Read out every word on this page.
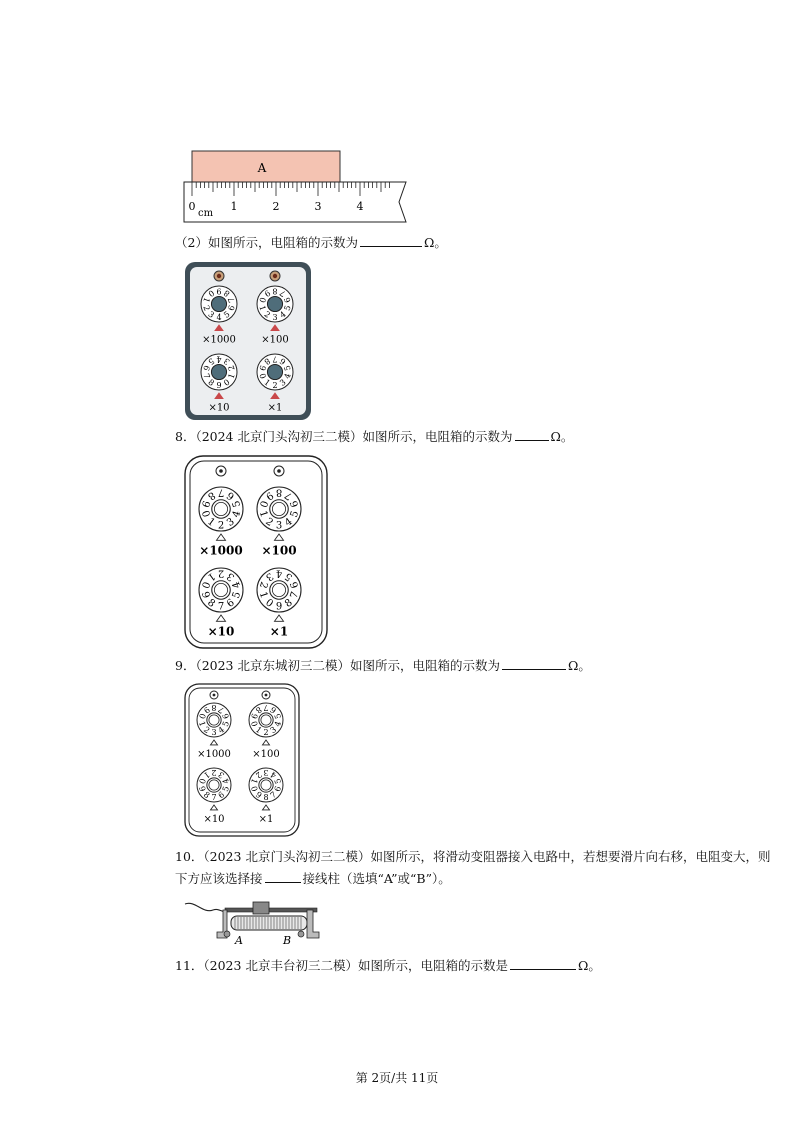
A
0	1	2	3	4
cm
（2）如图所示，电阻箱的示数为	Ω。
4
3
2
1
0 9 8
7
6
5
×1000
3
2
1
0
9 8 7
6
5
4
×100
9
8
7
6
5 4 3
2
1
0
×10
2
1
0
9
8 7 6
5
4
3
×1
8．（2024 北京门头沟初三二模）如图所示，电阻箱的示数为	Ω。
2
1
0
9
8 7 6
5
4
3
×1000
3
2
1
0
9 8 7
6
5
4
×100
7
8
9
0
1 2 3
4
5
6
×10
9
0
1
2
3 4 5
6
7
8
×1
9．（2023 北京东城初三二模）如图所示，电阻箱的示数为	Ω。
3
2
1
0
9 8 7
6
5
4
×1000
2
1
0
9
8 7 6
5
4
3
×100
7
8
9
0
1 2 3
4
5
6
×10
8
9
0
1
2 3 4
5
6
7
×1
10．（2023 北京门头沟初三二模）如图所示，将滑动变阻器接入电路中，若想要滑片向右移，电阻变大，则
下方应该选择接	接线柱（选填“A”或“B”）。
A	B
11．（2023 北京丰台初三二模）如图所示，电阻箱的示数是	Ω。
第 2页/共 11页
